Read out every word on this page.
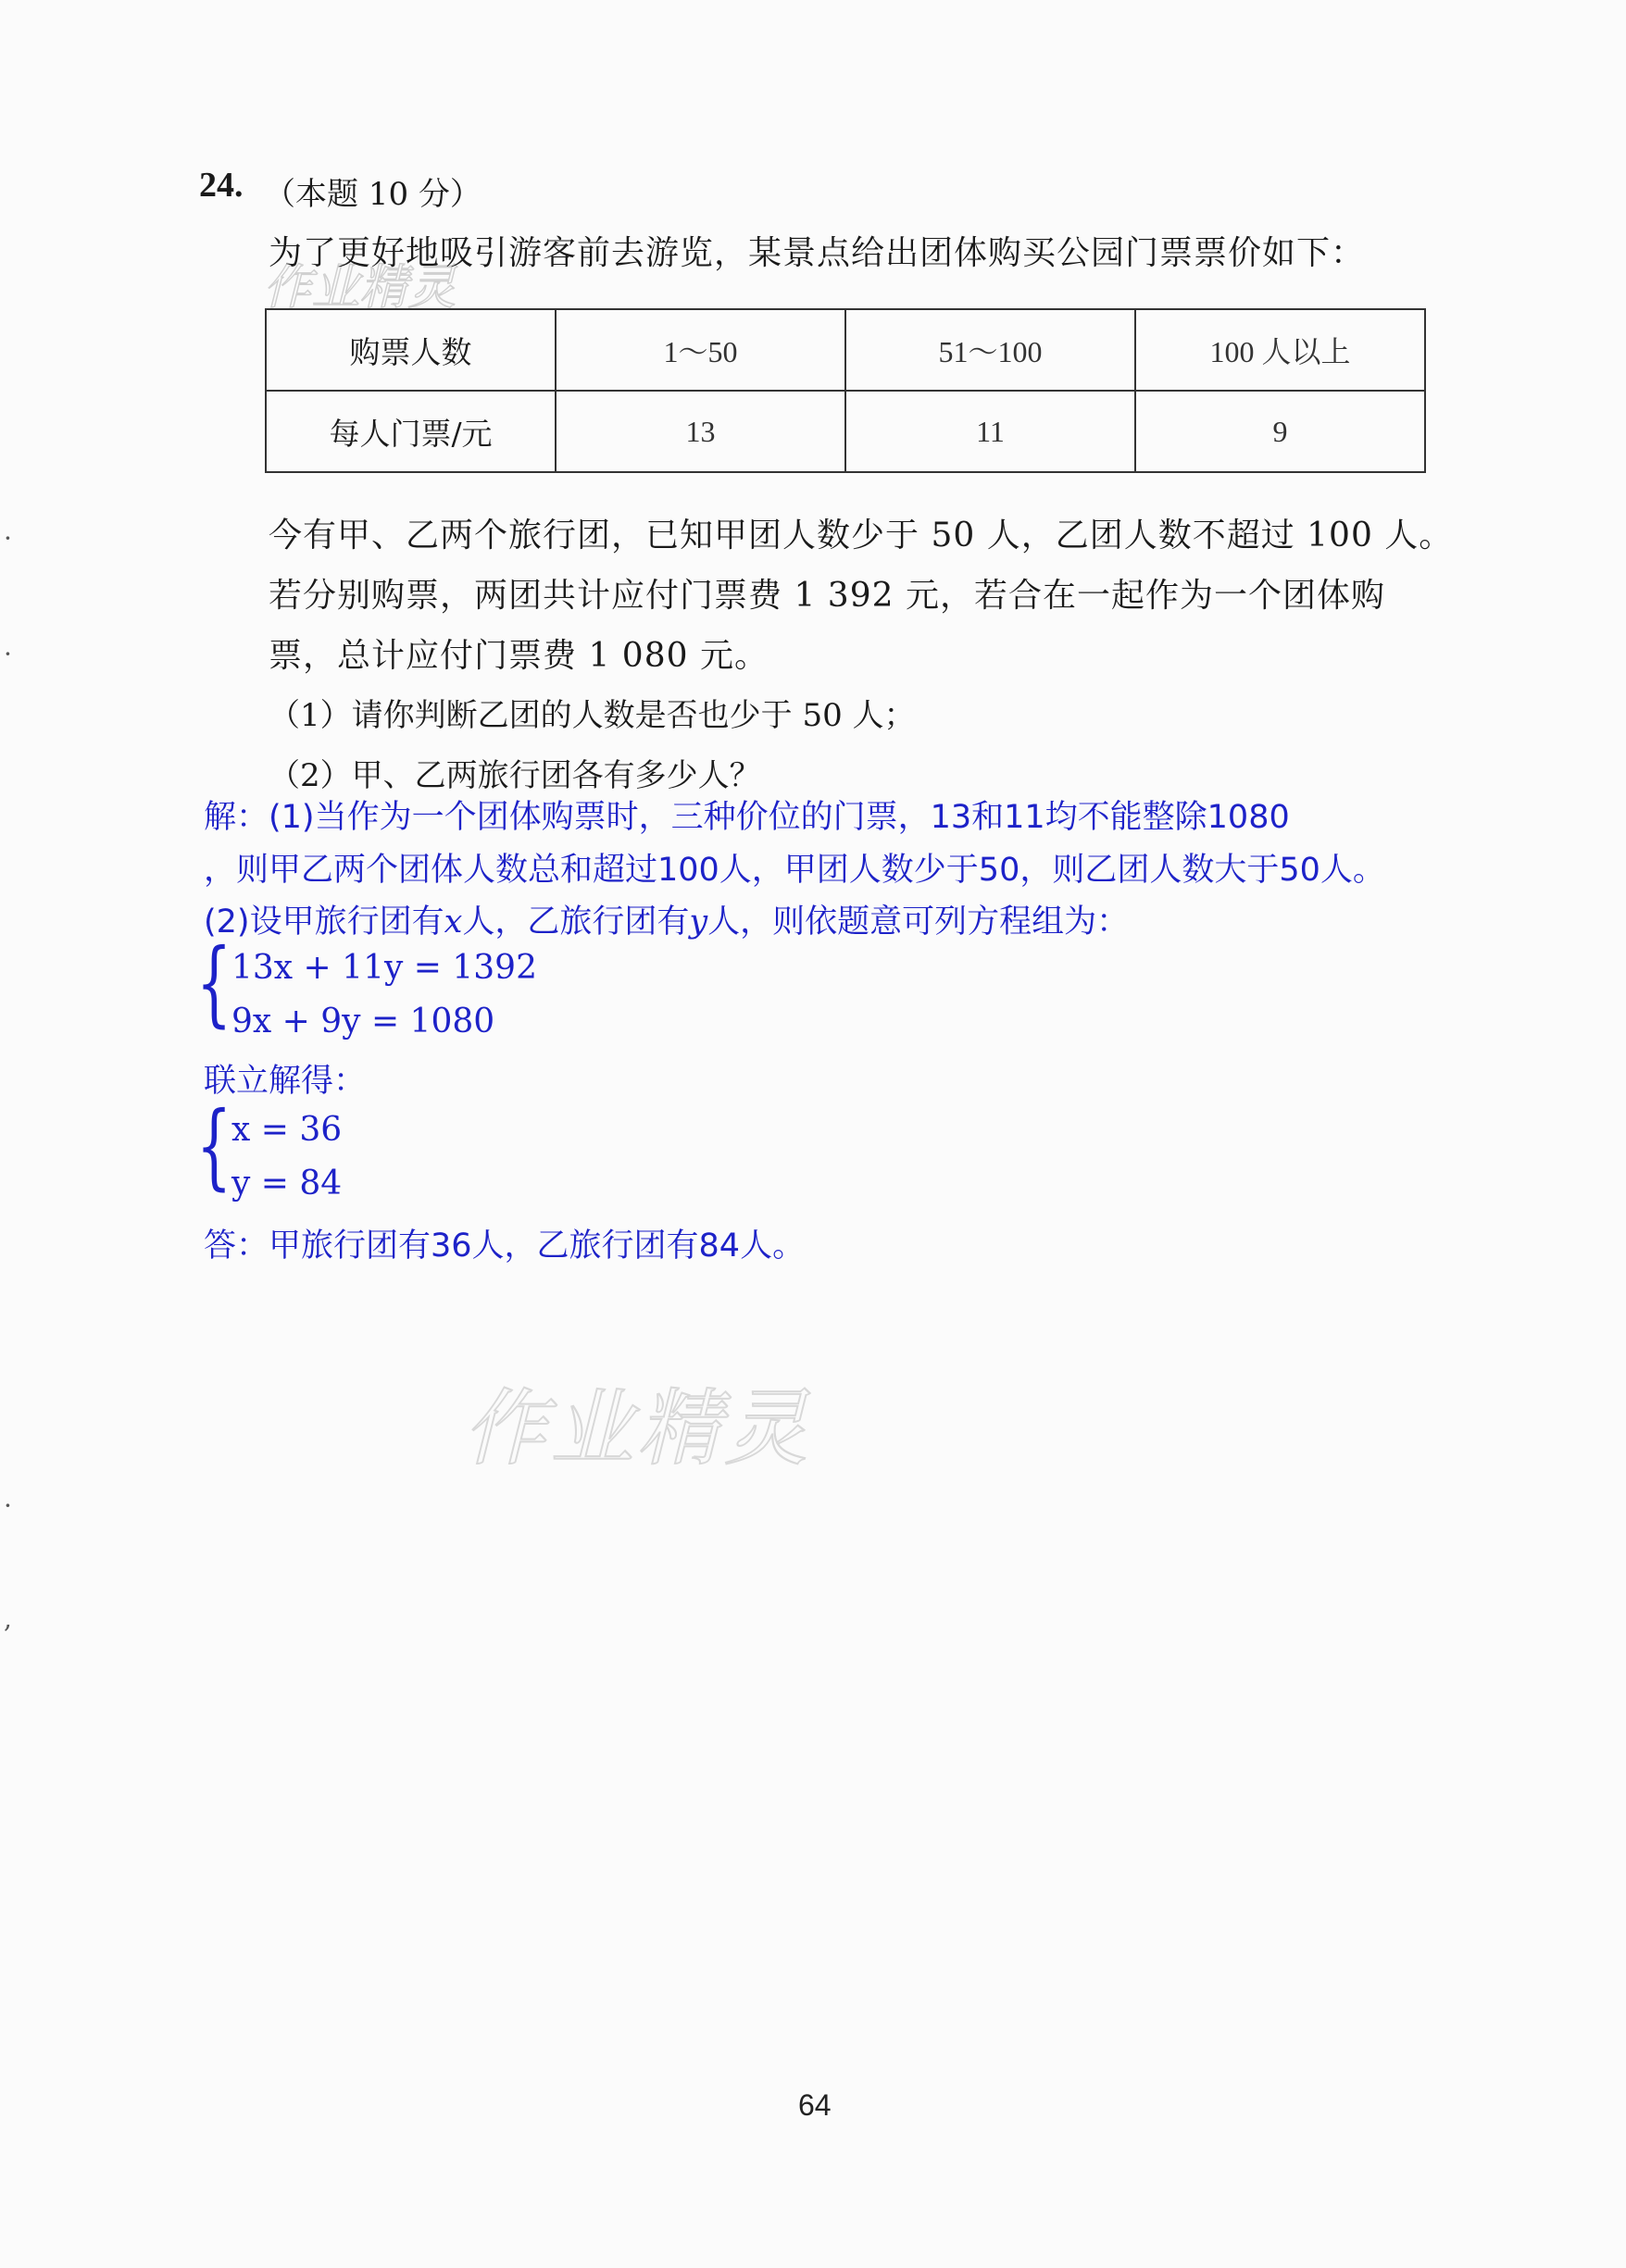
作业精灵
24. （本题 10 分）
为了更好地吸引游客前去游览，某景点给出团体购买公园门票票价如下：
购票人数	1～50	51～100	100 人以上
每人门票/元	13	11	9
今有甲、乙两个旅行团，已知甲团人数少于 50 人，乙团人数不超过 100 人。
若分别购票，两团共计应付门票费 1 392 元，若合在一起作为一个团体购
票，总计应付门票费 1 080 元。
（1）请你判断乙团的人数是否也少于 50 人；
（2）甲、乙两旅行团各有多少人？
解：(1)当作为一个团体购票时，三种价位的门票，13和11均不能整除1080
，则甲乙两个团体人数总和超过100人，甲团人数少于50，则乙团人数大于50人。
(2)设甲旅行团有x人，乙旅行团有y人，则依题意可列方程组为：
{ 13x + 11y = 1392
9x + 9y = 1080
联立解得：
{ x = 36
y = 84
答：甲旅行团有36人，乙旅行团有84人。
作业精灵
·
·
·
,
64
